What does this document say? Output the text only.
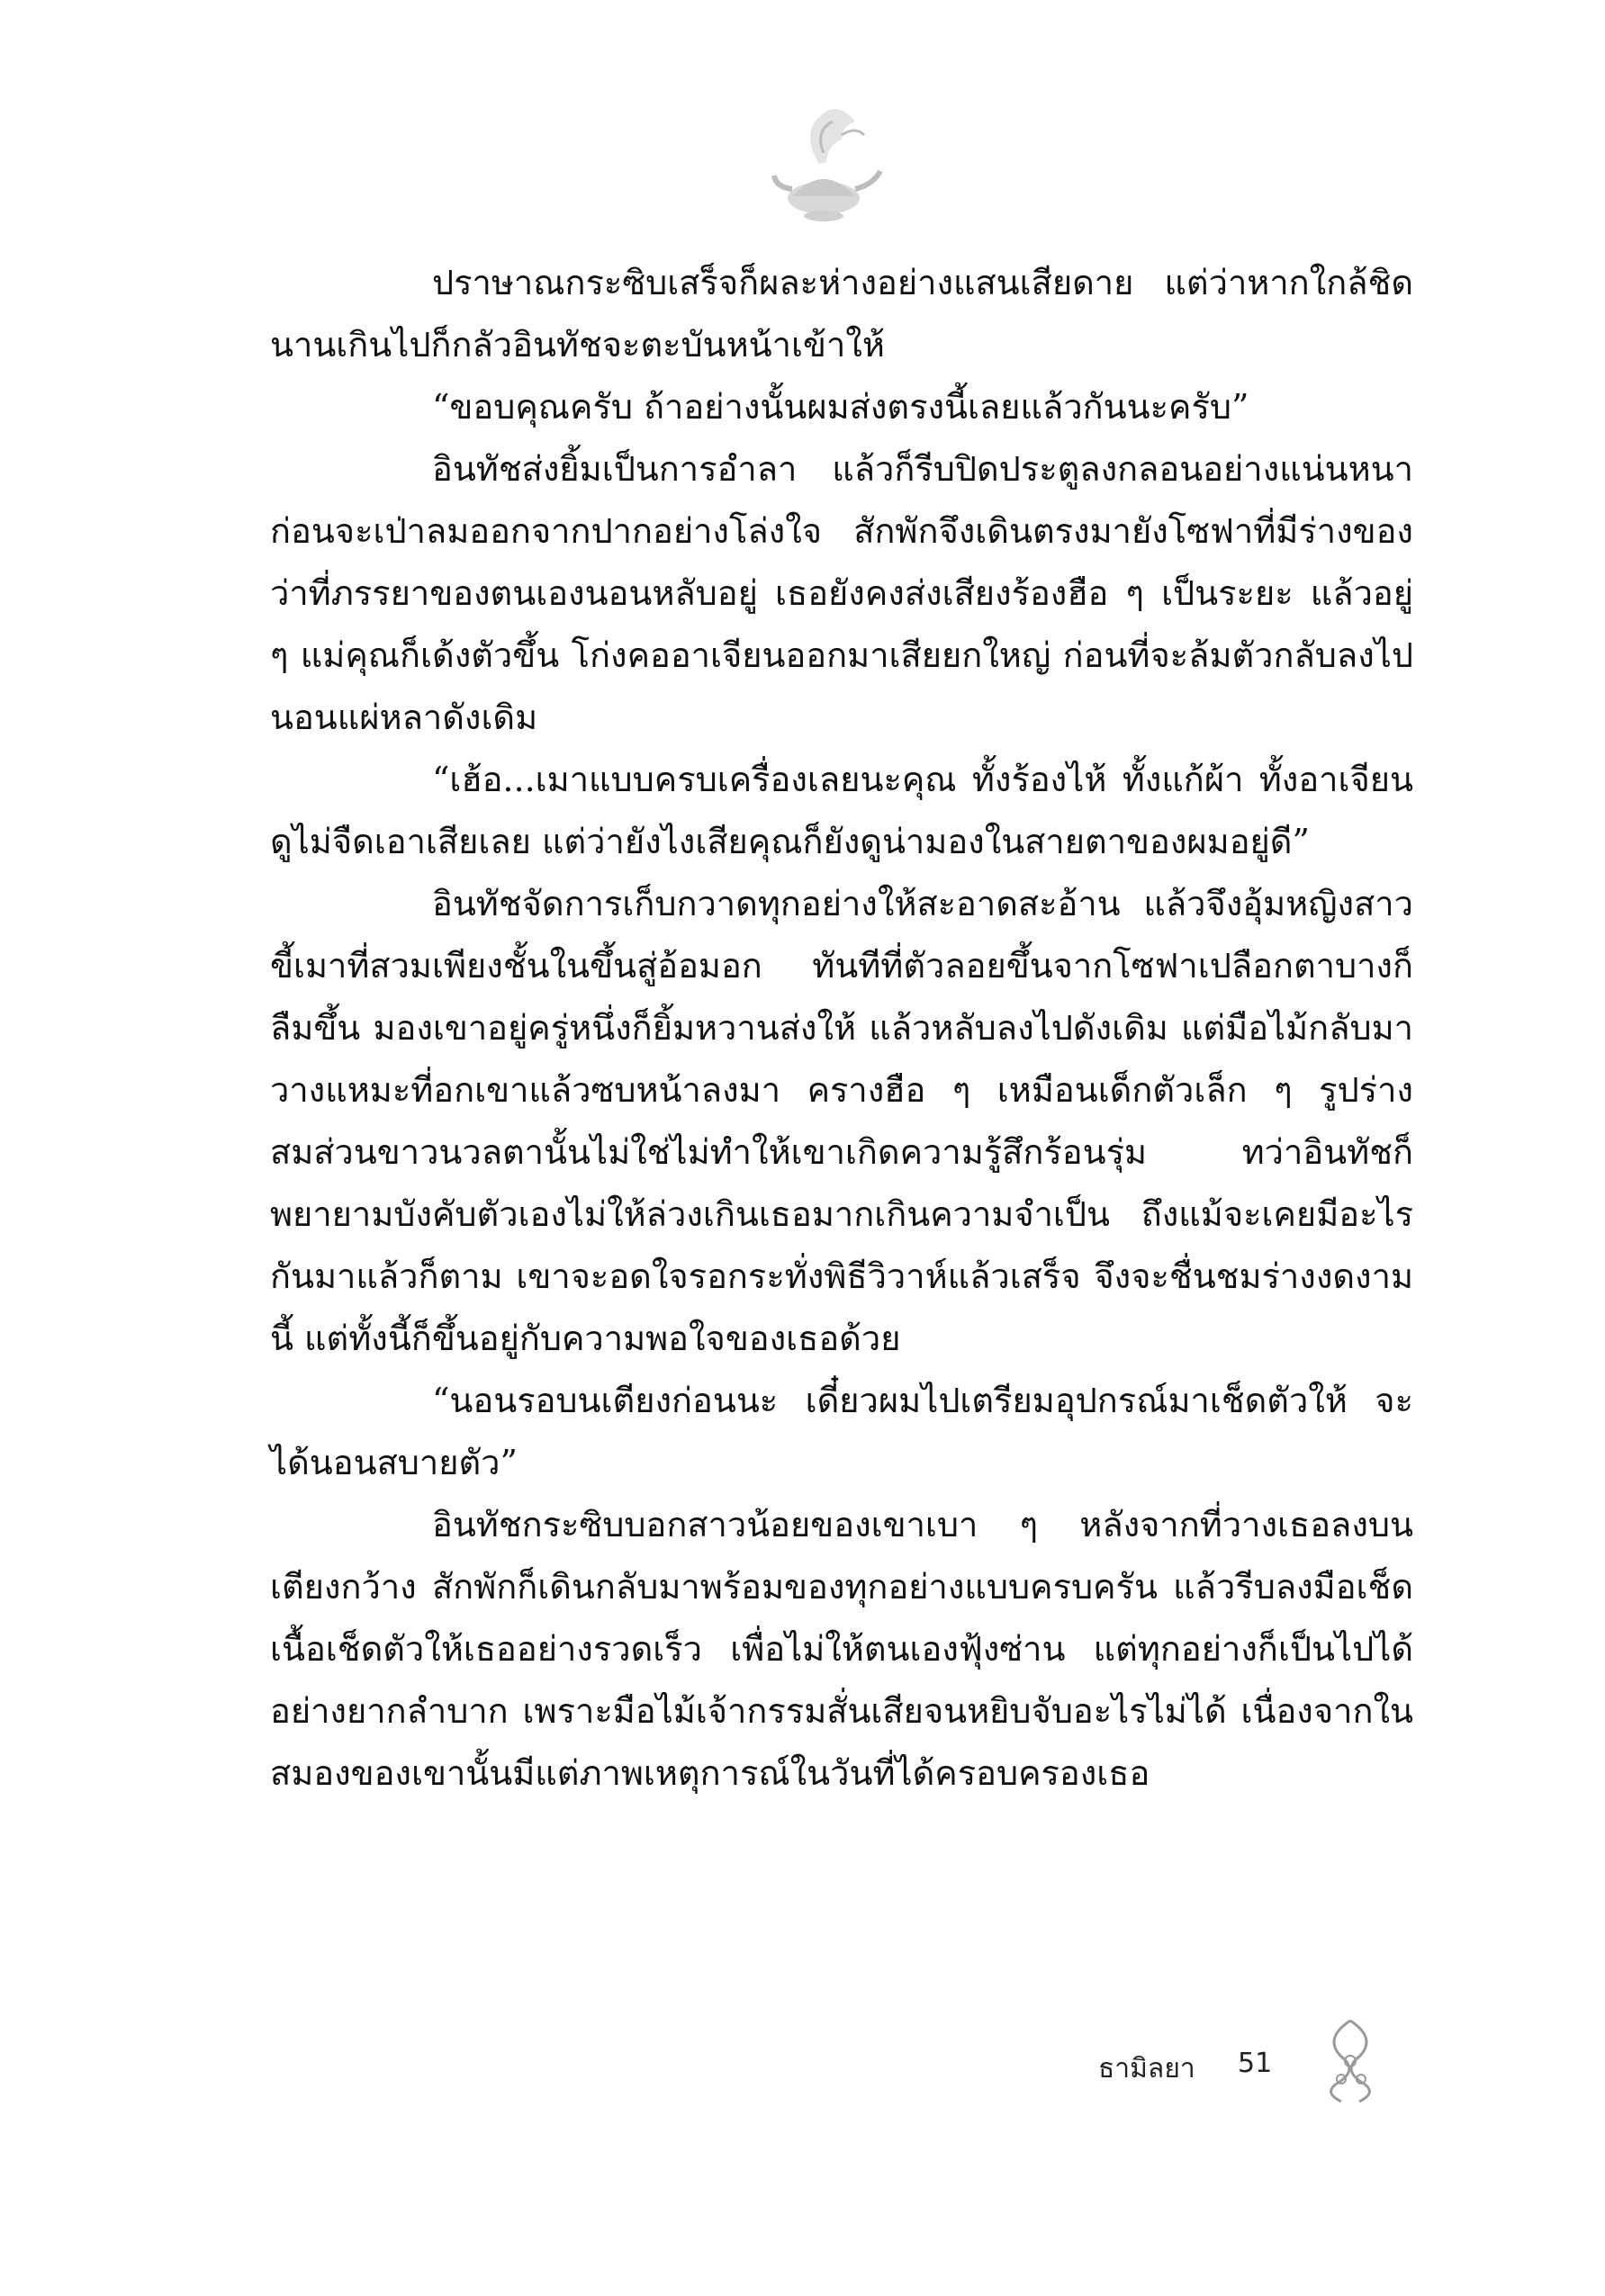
ปราษาณกระซิบเสร็จก็ผละห่างอย่างแสนเสียดาย แต่ว่าหากใกล้ชิดนานเกินไปก็กลัวอินทัชจะตะบันหน้าเข้าให้

“ขอบคุณครับ ถ้าอย่างนั้นผมส่งตรงนี้เลยแล้วกันนะครับ”

อินทัชส่งยิ้มเป็นการอำลา แล้วก็รีบปิดประตูลงกลอนอย่างแน่นหนา ก่อนจะเป่าลมออกจากปากอย่างโล่งใจ สักพักจึงเดินตรงมายังโซฟาที่มีร่างของว่าที่ภรรยาของตนเองนอนหลับอยู่ เธอยังคงส่งเสียงร้องฮือ ๆ เป็นระยะ แล้วอยู่ ๆ แม่คุณก็เด้งตัวขึ้น โก่งคออาเจียนออกมาเสียยกใหญ่ ก่อนที่จะล้มตัวกลับลงไปนอนแผ่หลาดังเดิม

“เฮ้อ...เมาแบบครบเครื่องเลยนะคุณ ทั้งร้องไห้ ทั้งแก้ผ้า ทั้งอาเจียน ดูไม่จืดเอาเสียเลย แต่ว่ายังไงเสียคุณก็ยังดูน่ามองในสายตาของผมอยู่ดี”

อินทัชจัดการเก็บกวาดทุกอย่างให้สะอาดสะอ้าน แล้วจึงอุ้มหญิงสาวขี้เมาที่สวมเพียงชั้นในขึ้นสู่อ้อมอก ทันทีที่ตัวลอยขึ้นจากโซฟาเปลือกตาบางก็ลืมขึ้น มองเขาอยู่ครู่หนึ่งก็ยิ้มหวานส่งให้ แล้วหลับลงไปดังเดิม แต่มือไม้กลับมาวางแหมะที่อกเขาแล้วซบหน้าลงมา ครางฮือ ๆ เหมือนเด็กตัวเล็ก ๆ รูปร่างสมส่วนขาวนวลตานั้นไม่ใช่ไม่ทำให้เขาเกิดความรู้สึกร้อนรุ่ม ทว่าอินทัชก็พยายามบังคับตัวเองไม่ให้ล่วงเกินเธอมากเกินความจำเป็น ถึงแม้จะเคยมีอะไรกันมาแล้วก็ตาม เขาจะอดใจรอกระทั่งพิธีวิวาห์แล้วเสร็จ จึงจะชื่นชมร่างงดงามนี้ แต่ทั้งนี้ก็ขึ้นอยู่กับความพอใจของเธอด้วย

“นอนรอบนเตียงก่อนนะ เดี๋ยวผมไปเตรียมอุปกรณ์มาเช็ดตัวให้ จะได้นอนสบายตัว”

อินทัชกระซิบบอกสาวน้อยของเขาเบา ๆ หลังจากที่วางเธอลงบนเตียงกว้าง สักพักก็เดินกลับมาพร้อมของทุกอย่างแบบครบครัน แล้วรีบลงมือเช็ดเนื้อเช็ดตัวให้เธออย่างรวดเร็ว เพื่อไม่ให้ตนเองฟุ้งซ่าน แต่ทุกอย่างก็เป็นไปได้อย่างยากลำบาก เพราะมือไม้เจ้ากรรมสั่นเสียจนหยิบจับอะไรไม่ได้ เนื่องจากในสมองของเขานั้นมีแต่ภาพเหตุการณ์ในวันที่ได้ครอบครองเธอ

ธามิลยา 51
